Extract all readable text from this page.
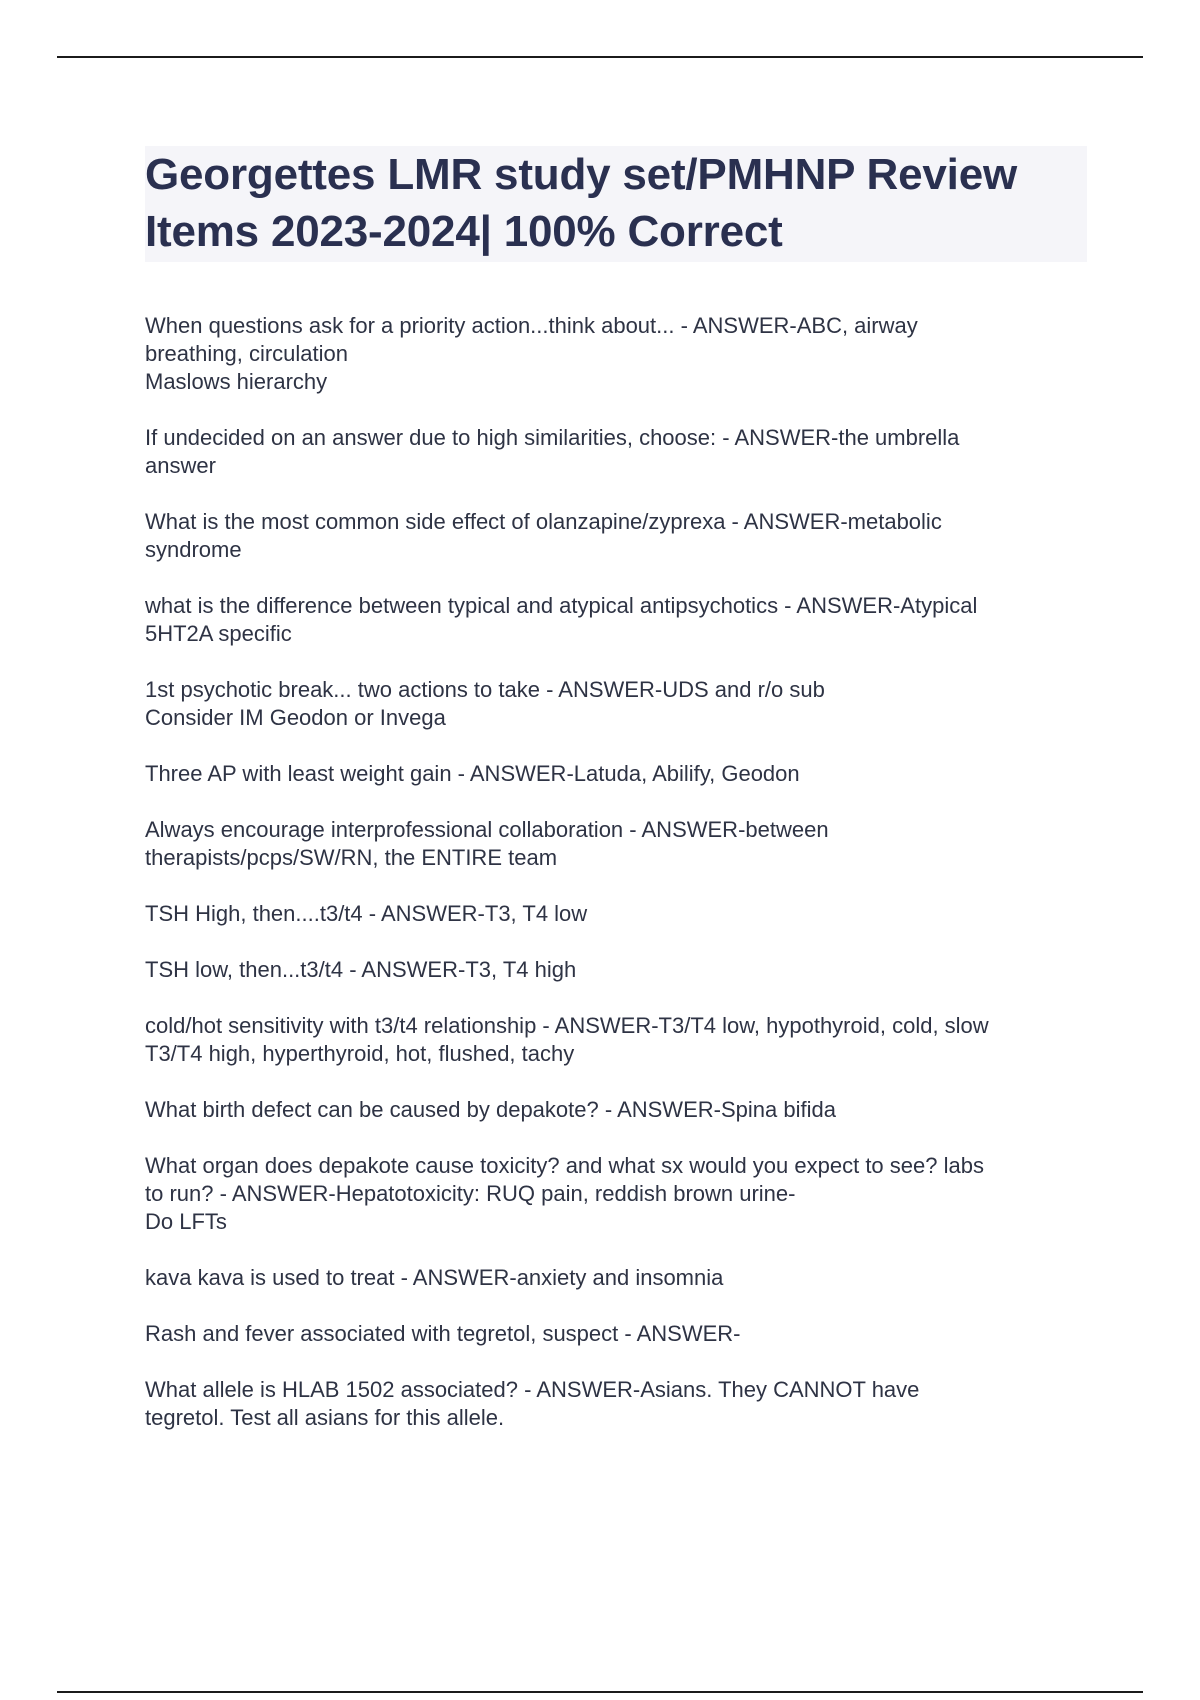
Georgettes LMR study set/PMHNP Review Items 2023-2024| 100% Correct
When questions ask for a priority action...think about... - ANSWER-ABC, airway
breathing, circulation
Maslows hierarchy
If undecided on an answer due to high similarities, choose: - ANSWER-the umbrella
answer
What is the most common side effect of olanzapine/zyprexa - ANSWER-metabolic
syndrome
what is the difference between typical and atypical antipsychotics - ANSWER-Atypical
5HT2A specific
1st psychotic break... two actions to take - ANSWER-UDS and r/o sub
Consider IM Geodon or Invega
Three AP with least weight gain - ANSWER-Latuda, Abilify, Geodon
Always encourage interprofessional collaboration - ANSWER-between
therapists/pcps/SW/RN, the ENTIRE team
TSH High, then....t3/t4 - ANSWER-T3, T4 low
TSH low, then...t3/t4 - ANSWER-T3, T4 high
cold/hot sensitivity with t3/t4 relationship - ANSWER-T3/T4 low, hypothyroid, cold, slow
T3/T4 high, hyperthyroid, hot, flushed, tachy
What birth defect can be caused by depakote? - ANSWER-Spina bifida
What organ does depakote cause toxicity? and what sx would you expect to see? labs
to run? - ANSWER-Hepatotoxicity: RUQ pain, reddish brown urine-
Do LFTs
kava kava is used to treat - ANSWER-anxiety and insomnia
Rash and fever associated with tegretol, suspect - ANSWER-
What allele is HLAB 1502 associated? - ANSWER-Asians. They CANNOT have
tegretol. Test all asians for this allele.
